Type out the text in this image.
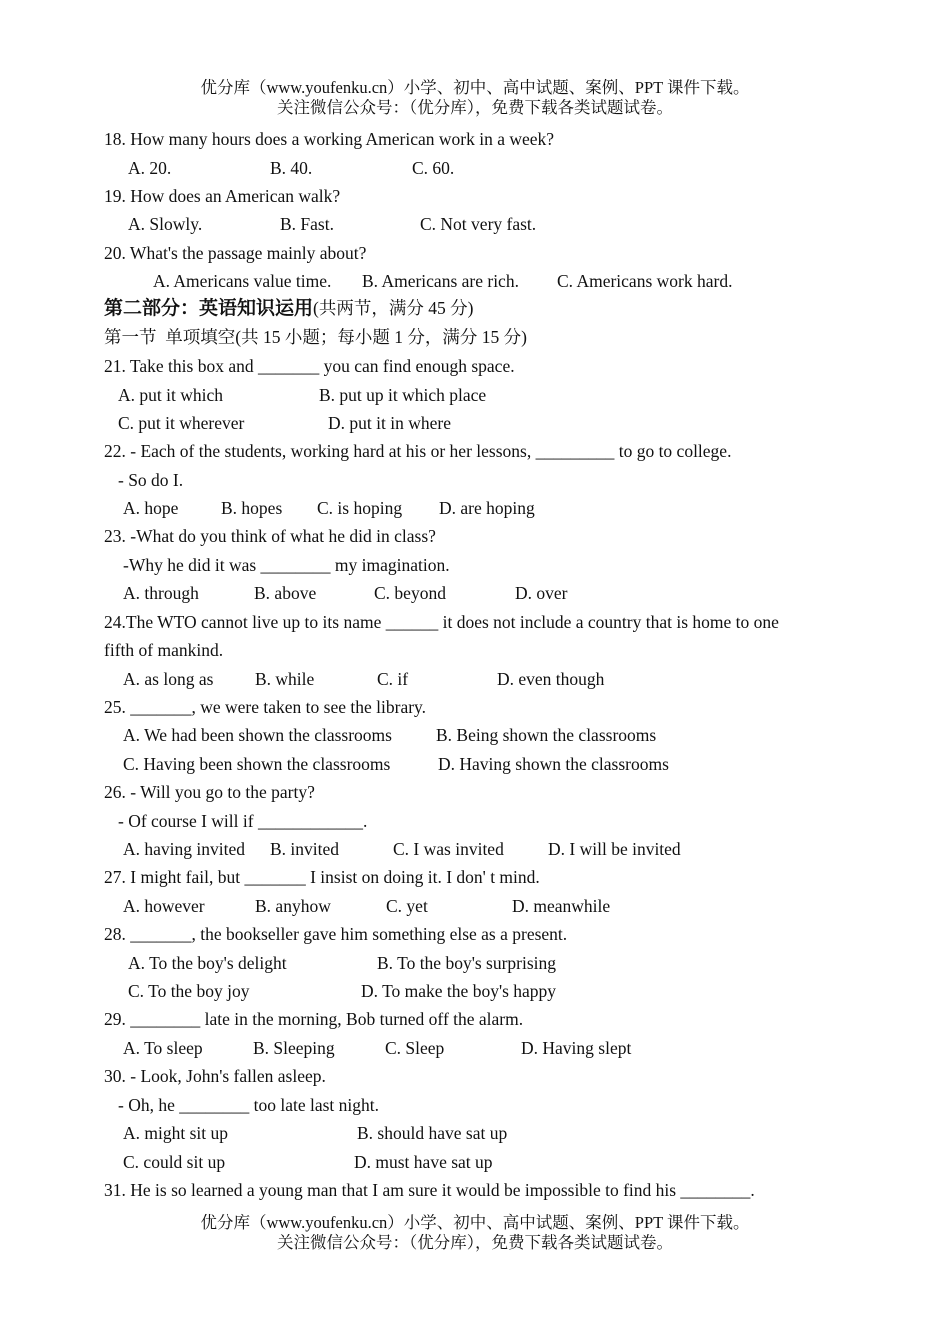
优分库（www.youfenku.cn）小学、初中、高中试题、案例、PPT 课件下载。
关注微信公众号：（优分库），免费下载各类试题试卷。
18. How many hours does a working American work in a week?
A. 20.	B. 40.	C. 60.
19. How does an American walk?
A. Slowly.	B. Fast.	C. Not very fast.
20. What's the passage mainly about?
A. Americans value time. B. Americans are rich. C. Americans work hard.
第二部分：英语知识运用(共两节，满分 45 分)
第一节  单项填空(共 15 小题；每小题 1 分，满分 15 分)
21. Take this box and _______ you can find enough space.
A. put it which	B. put up it which place
C. put it wherever	D. put it in where
22. - Each of the students, working hard at his or her lessons, _________ to go to college.
- So do I.
A. hope B. hopes C. is hoping D. are hoping
23. -What do you think of what he did in class?
-Why he did it was ________ my imagination.
A. through	B. above	C. beyond	D. over
24.The WTO cannot live up to its name ______ it does not include a country that is home to one
fifth of mankind.
A. as long as B. while	C. if	D. even though
25. _______, we were taken to see the library.
A. We had been shown the classrooms	B. Being shown the classrooms
C. Having been shown the classrooms	D. Having shown the classrooms
26. - Will you go to the party?
- Of course I will if ____________.
A. having invited B. invited	C. I was invited	D. I will be invited
27. I might fail, but _______ I insist on doing it. I don' t mind.
A. however	B. anyhow	C. yet	D. meanwhile
28. _______, the bookseller gave him something else as a present.
A. To the boy's delight	B. To the boy's surprising
C. To the boy joy	D. To make the boy's happy
29. ________ late in the morning, Bob turned off the alarm.
A. To sleep	B. Sleeping	C. Sleep	D. Having slept
30. - Look, John's fallen asleep.
- Oh, he ________ too late last night.
A. might sit up	B. should have sat up
C. could sit up	D. must have sat up
31. He is so learned a young man that I am sure it would be impossible to find his ________.
优分库（www.youfenku.cn）小学、初中、高中试题、案例、PPT 课件下载。
关注微信公众号：（优分库），免费下载各类试题试卷。
